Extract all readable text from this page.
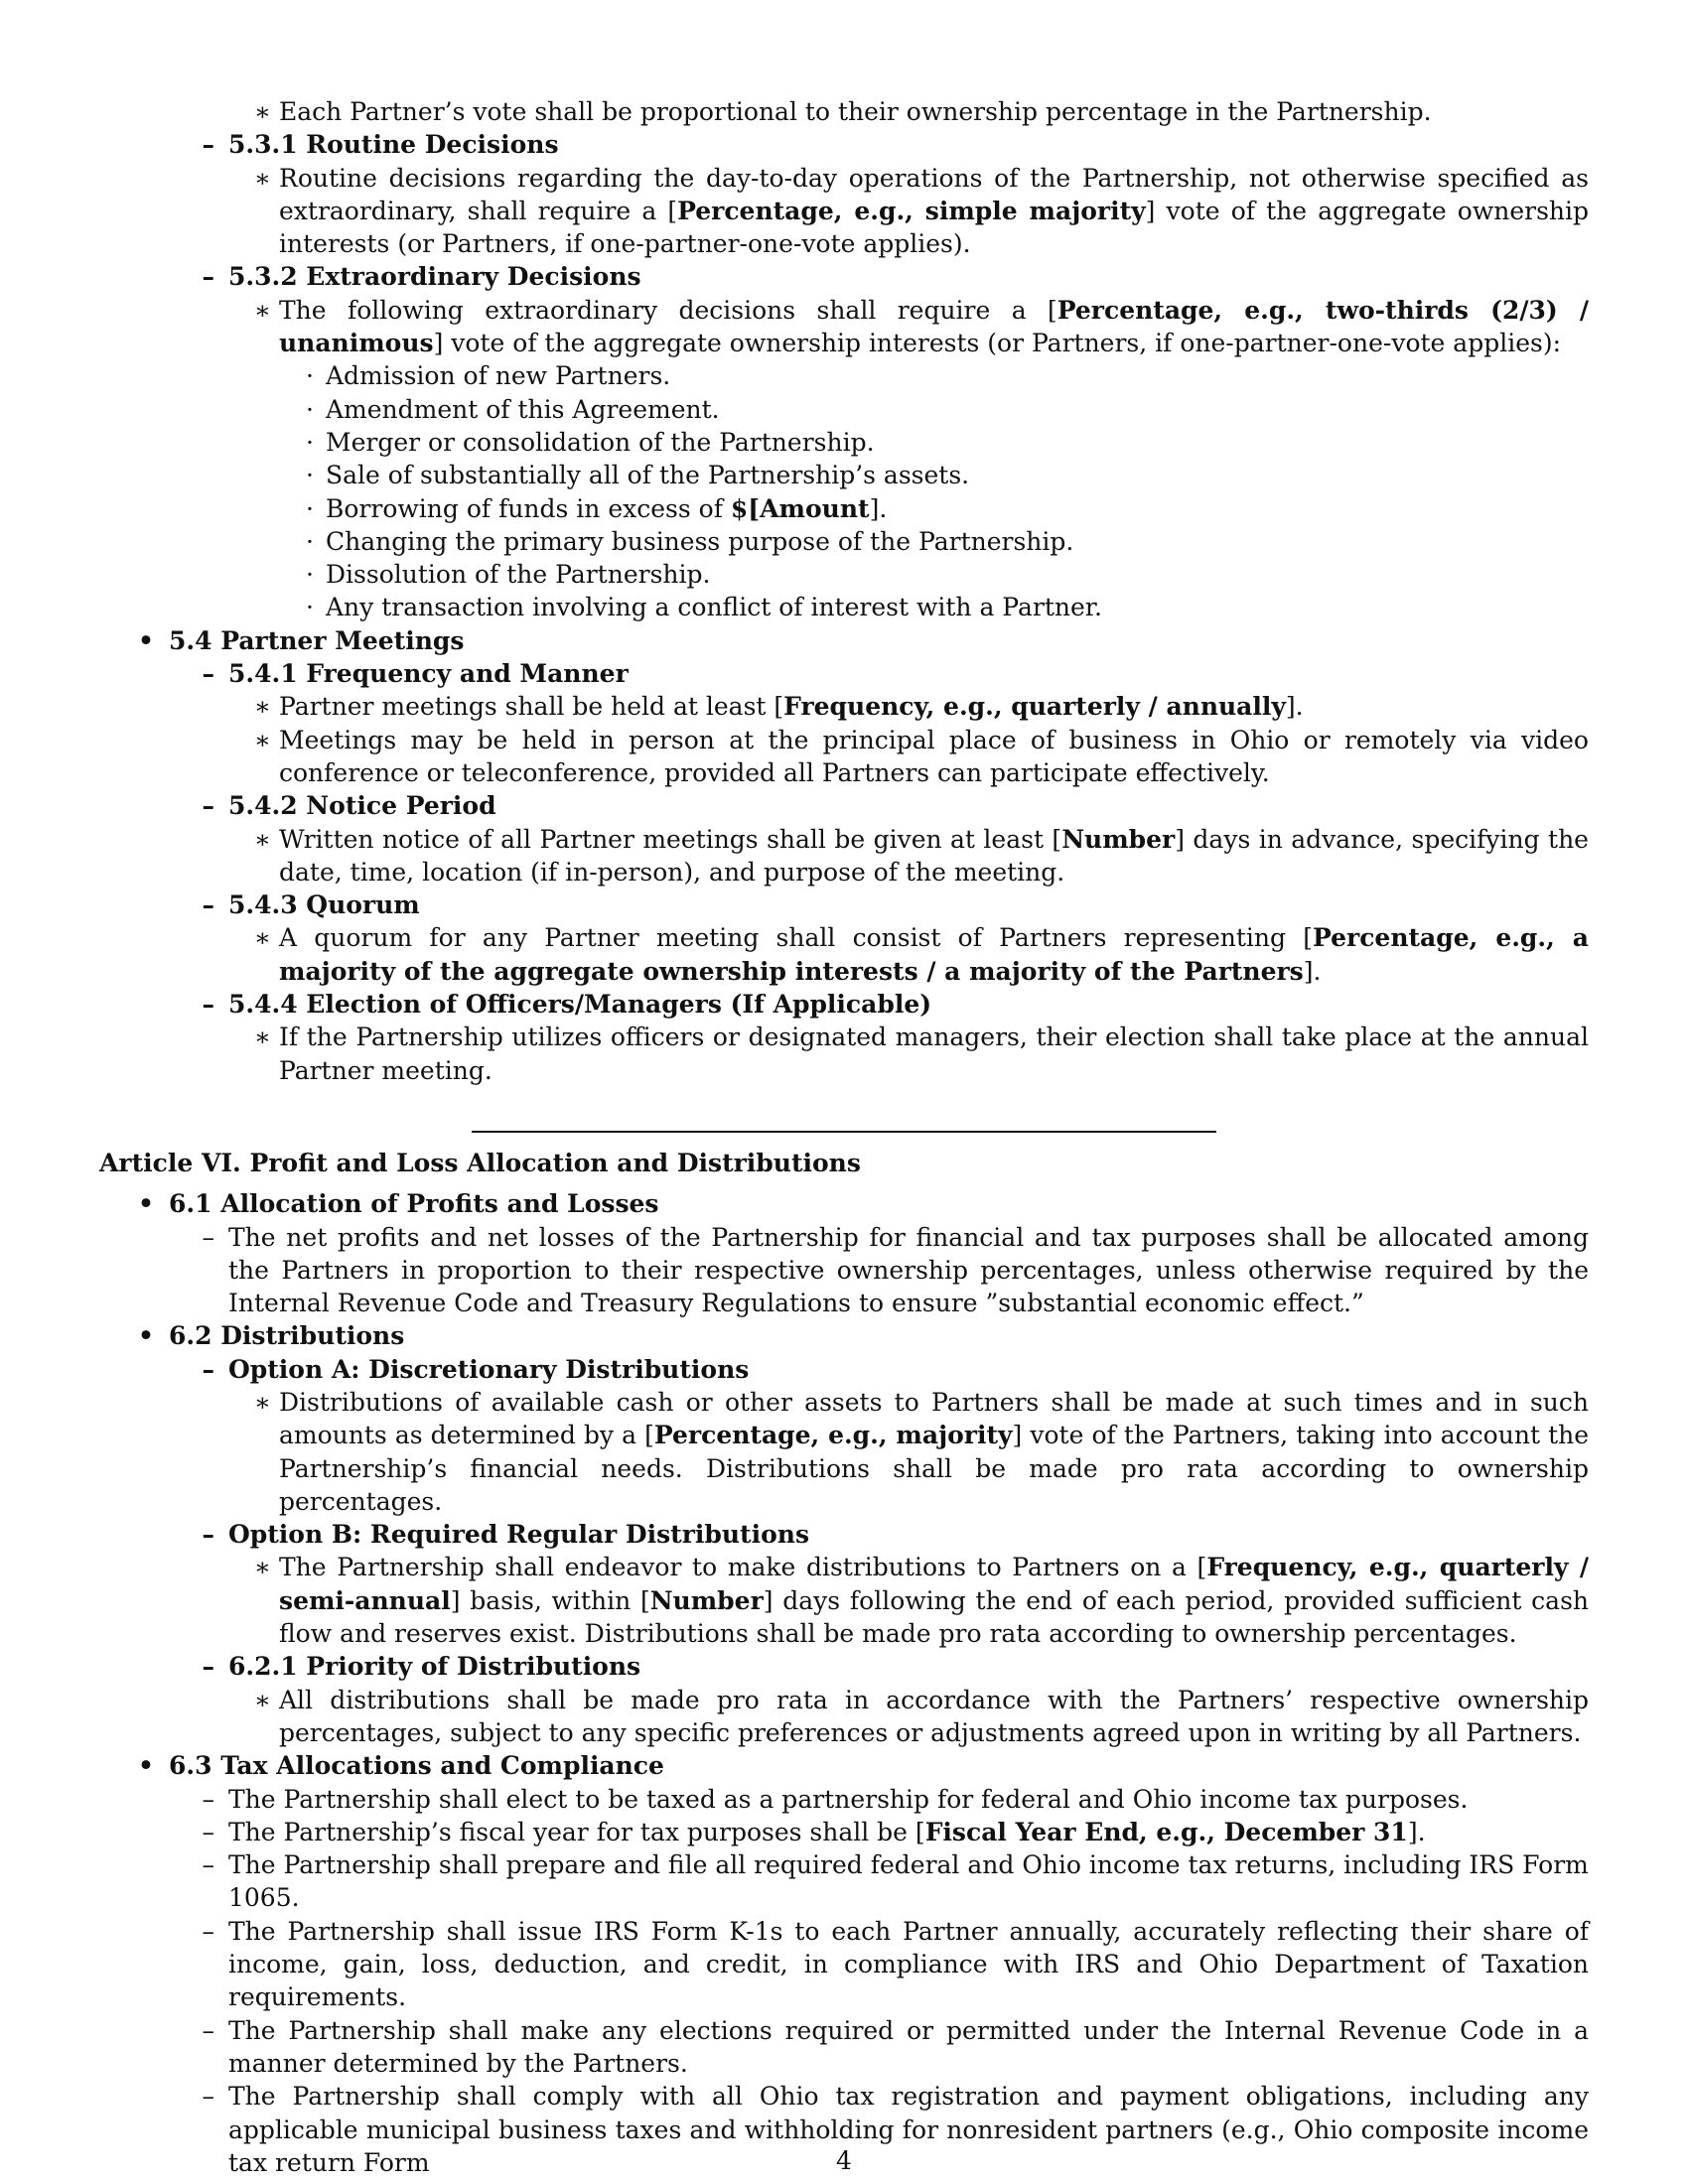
∗ Each Partner’s vote shall be proportional to their ownership percentage in the Partnership.
– 5.3.1 Routine Decisions
∗ Routine decisions regarding the day-to-day operations of the Partnership, not otherwise specified as extraordinary, shall require a [Percentage, e.g., simple majority] vote of the aggregate ownership interests (or Partners, if one-partner-one-vote applies).
– 5.3.2 Extraordinary Decisions
∗ The following extraordinary decisions shall require a [Percentage, e.g., two-thirds (2/3) / unanimous] vote of the aggregate ownership interests (or Partners, if one-partner-one-vote applies):
· Admission of new Partners.
· Amendment of this Agreement.
· Merger or consolidation of the Partnership.
· Sale of substantially all of the Partnership’s assets.
· Borrowing of funds in excess of $[Amount].
· Changing the primary business purpose of the Partnership.
· Dissolution of the Partnership.
· Any transaction involving a conflict of interest with a Partner.
• 5.4 Partner Meetings
– 5.4.1 Frequency and Manner
∗ Partner meetings shall be held at least [Frequency, e.g., quarterly / annually].
∗ Meetings may be held in person at the principal place of business in Ohio or remotely via video conference or teleconference, provided all Partners can participate effectively.
– 5.4.2 Notice Period
∗ Written notice of all Partner meetings shall be given at least [Number] days in advance, specifying the date, time, location (if in-person), and purpose of the meeting.
– 5.4.3 Quorum
∗ A quorum for any Partner meeting shall consist of Partners representing [Percentage, e.g., a majority of the aggregate ownership interests / a majority of the Partners].
– 5.4.4 Election of Officers/Managers (If Applicable)
∗ If the Partnership utilizes officers or designated managers, their election shall take place at the annual Partner meeting.
Article VI. Profit and Loss Allocation and Distributions
• 6.1 Allocation of Profits and Losses
– The net profits and net losses of the Partnership for financial and tax purposes shall be allocated among the Partners in proportion to their respective ownership percentages, unless otherwise required by the Internal Revenue Code and Treasury Regulations to ensure ”substantial economic effect.”
• 6.2 Distributions
– Option A: Discretionary Distributions
∗ Distributions of available cash or other assets to Partners shall be made at such times and in such amounts as determined by a [Percentage, e.g., majority] vote of the Partners, taking into account the Partnership’s financial needs. Distributions shall be made pro rata according to ownership percentages.
– Option B: Required Regular Distributions
∗ The Partnership shall endeavor to make distributions to Partners on a [Frequency, e.g., quarterly / semi-annual] basis, within [Number] days following the end of each period, provided sufficient cash flow and reserves exist. Distributions shall be made pro rata according to ownership percentages.
– 6.2.1 Priority of Distributions
∗ All distributions shall be made pro rata in accordance with the Partners’ respective ownership percentages, subject to any specific preferences or adjustments agreed upon in writing by all Partners.
• 6.3 Tax Allocations and Compliance
– The Partnership shall elect to be taxed as a partnership for federal and Ohio income tax purposes.
– The Partnership’s fiscal year for tax purposes shall be [Fiscal Year End, e.g., December 31].
– The Partnership shall prepare and file all required federal and Ohio income tax returns, including IRS Form 1065.
– The Partnership shall issue IRS Form K-1s to each Partner annually, accurately reflecting their share of income, gain, loss, deduction, and credit, in compliance with IRS and Ohio Department of Taxation requirements.
– The Partnership shall make any elections required or permitted under the Internal Revenue Code in a manner determined by the Partners.
– The Partnership shall comply with all Ohio tax registration and payment obligations, including any applicable municipal business taxes and withholding for nonresident partners (e.g., Ohio composite income tax return Form	4
